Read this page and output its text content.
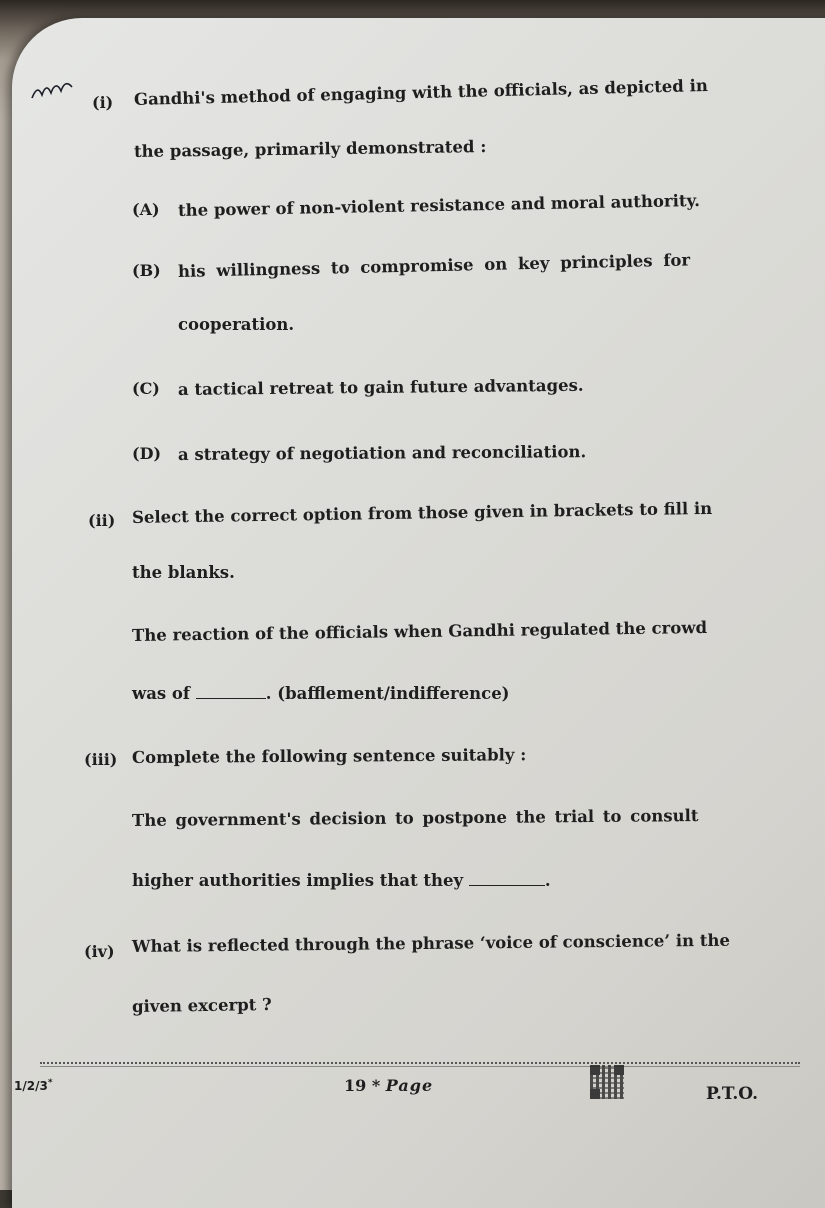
(i) Gandhi's method of engaging with the officials, as depicted in
the passage, primarily demonstrated :
(A) the power of non-violent resistance and moral authority.
(B) his willingness to compromise on key principles for
cooperation.
(C) a tactical retreat to gain future advantages.
(D) a strategy of negotiation and reconciliation.
(ii) Select the correct option from those given in brackets to fill in
the blanks.
The reaction of the officials when Gandhi regulated the crowd
was of	. (bafflement/indifference)
(iii) Complete the following sentence suitably :
The government's decision to postpone the trial to consult
higher authorities implies that they	.
(iv) What is reflected through the phrase ‘voice of conscience’ in the
given excerpt ?
1/2/3*	19 * Page	P.T.O.
